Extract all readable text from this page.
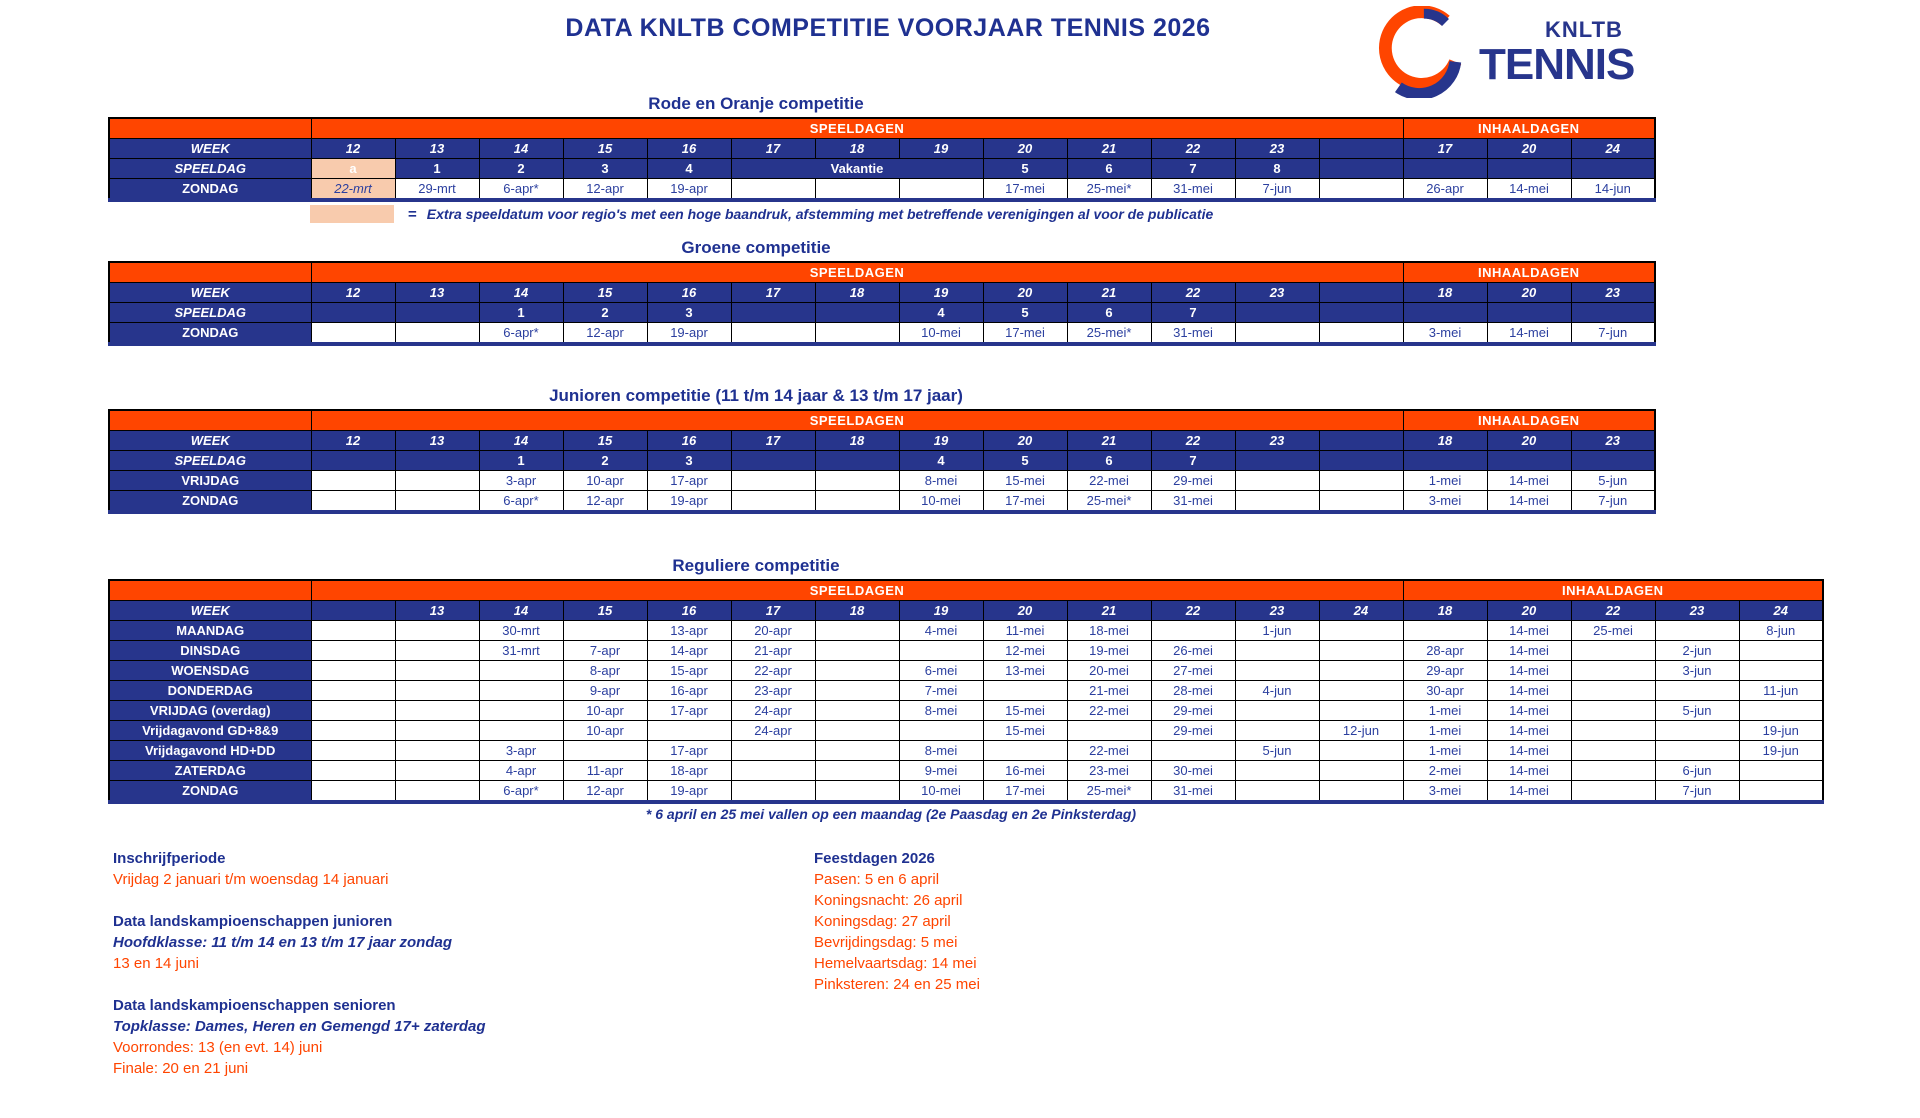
DATA KNLTB COMPETITIE VOORJAAR TENNIS 2026	KNLTB
TENNIS
Rode en Oranje competitie
	SPEELDAGEN													INHAALDAGEN		
WEEK	12	13	14	15	16	17	18	19	20	21	22	23		17	20	24
SPEELDAG	a	1	2	3	4	Vakantie			5	6	7	8				
ZONDAG	22-mrt	29-mrt	6-apr*	12-apr	19-apr				17-mei	25-mei*	31-mei	7-jun		26-apr	14-mei	14-jun
= Extra speeldatum voor regio's met een hoge baandruk, afstemming met betreffende verenigingen al voor de publicatie
Groene competitie
	SPEELDAGEN													INHAALDAGEN		
WEEK	12	13	14	15	16	17	18	19	20	21	22	23		18	20	23
SPEELDAG			1	2	3			4	5	6	7					
ZONDAG			6-apr*	12-apr	19-apr			10-mei	17-mei	25-mei*	31-mei			3-mei	14-mei	7-jun
Junioren competitie (11 t/m 14 jaar & 13 t/m 17 jaar)
	SPEELDAGEN													INHAALDAGEN		
WEEK	12	13	14	15	16	17	18	19	20	21	22	23		18	20	23
SPEELDAG			1	2	3			4	5	6	7					
VRIJDAG			3-apr	10-apr	17-apr			8-mei	15-mei	22-mei	29-mei			1-mei	14-mei	5-jun
ZONDAG			6-apr*	12-apr	19-apr			10-mei	17-mei	25-mei*	31-mei			3-mei	14-mei	7-jun
Reguliere competitie
	SPEELDAGEN													INHAALDAGEN				
WEEK		13	14	15	16	17	18	19	20	21	22	23	24	18	20	22	23	24
MAANDAG			30-mrt		13-apr	20-apr		4-mei	11-mei	18-mei		1-jun			14-mei	25-mei		8-jun
DINSDAG			31-mrt	7-apr	14-apr	21-apr			12-mei	19-mei	26-mei			28-apr	14-mei		2-jun	
WOENSDAG				8-apr	15-apr	22-apr		6-mei	13-mei	20-mei	27-mei			29-apr	14-mei		3-jun	
DONDERDAG				9-apr	16-apr	23-apr		7-mei		21-mei	28-mei	4-jun		30-apr	14-mei			11-jun
VRIJDAG (overdag)				10-apr	17-apr	24-apr		8-mei	15-mei	22-mei	29-mei			1-mei	14-mei		5-jun	
Vrijdagavond GD+8&9				10-apr		24-apr			15-mei		29-mei		12-jun	1-mei	14-mei			19-jun
Vrijdagavond HD+DD			3-apr		17-apr			8-mei		22-mei		5-jun		1-mei	14-mei			19-jun
ZATERDAG			4-apr	11-apr	18-apr			9-mei	16-mei	23-mei	30-mei			2-mei	14-mei		6-jun	
ZONDAG			6-apr*	12-apr	19-apr			10-mei	17-mei	25-mei*	31-mei			3-mei	14-mei		7-jun	
* 6 april en 25 mei vallen op een maandag (2e Paasdag en 2e Pinksterdag)
Inschrijfperiode
Vrijdag 2 januari t/m woensdag 14 januari
Data landskampioenschappen junioren
Hoofdklasse: 11 t/m 14 en 13 t/m 17 jaar zondag
13 en 14 juni
Data landskampioenschappen senioren
Topklasse: Dames, Heren en Gemengd 17+ zaterdag
Voorrondes: 13 (en evt. 14) juni
Finale: 20 en 21 juni
Feestdagen 2026
Pasen: 5 en 6 april
Koningsnacht: 26 april
Koningsdag: 27 april
Bevrijdingsdag: 5 mei
Hemelvaartsdag: 14 mei
Pinksteren: 24 en 25 mei
